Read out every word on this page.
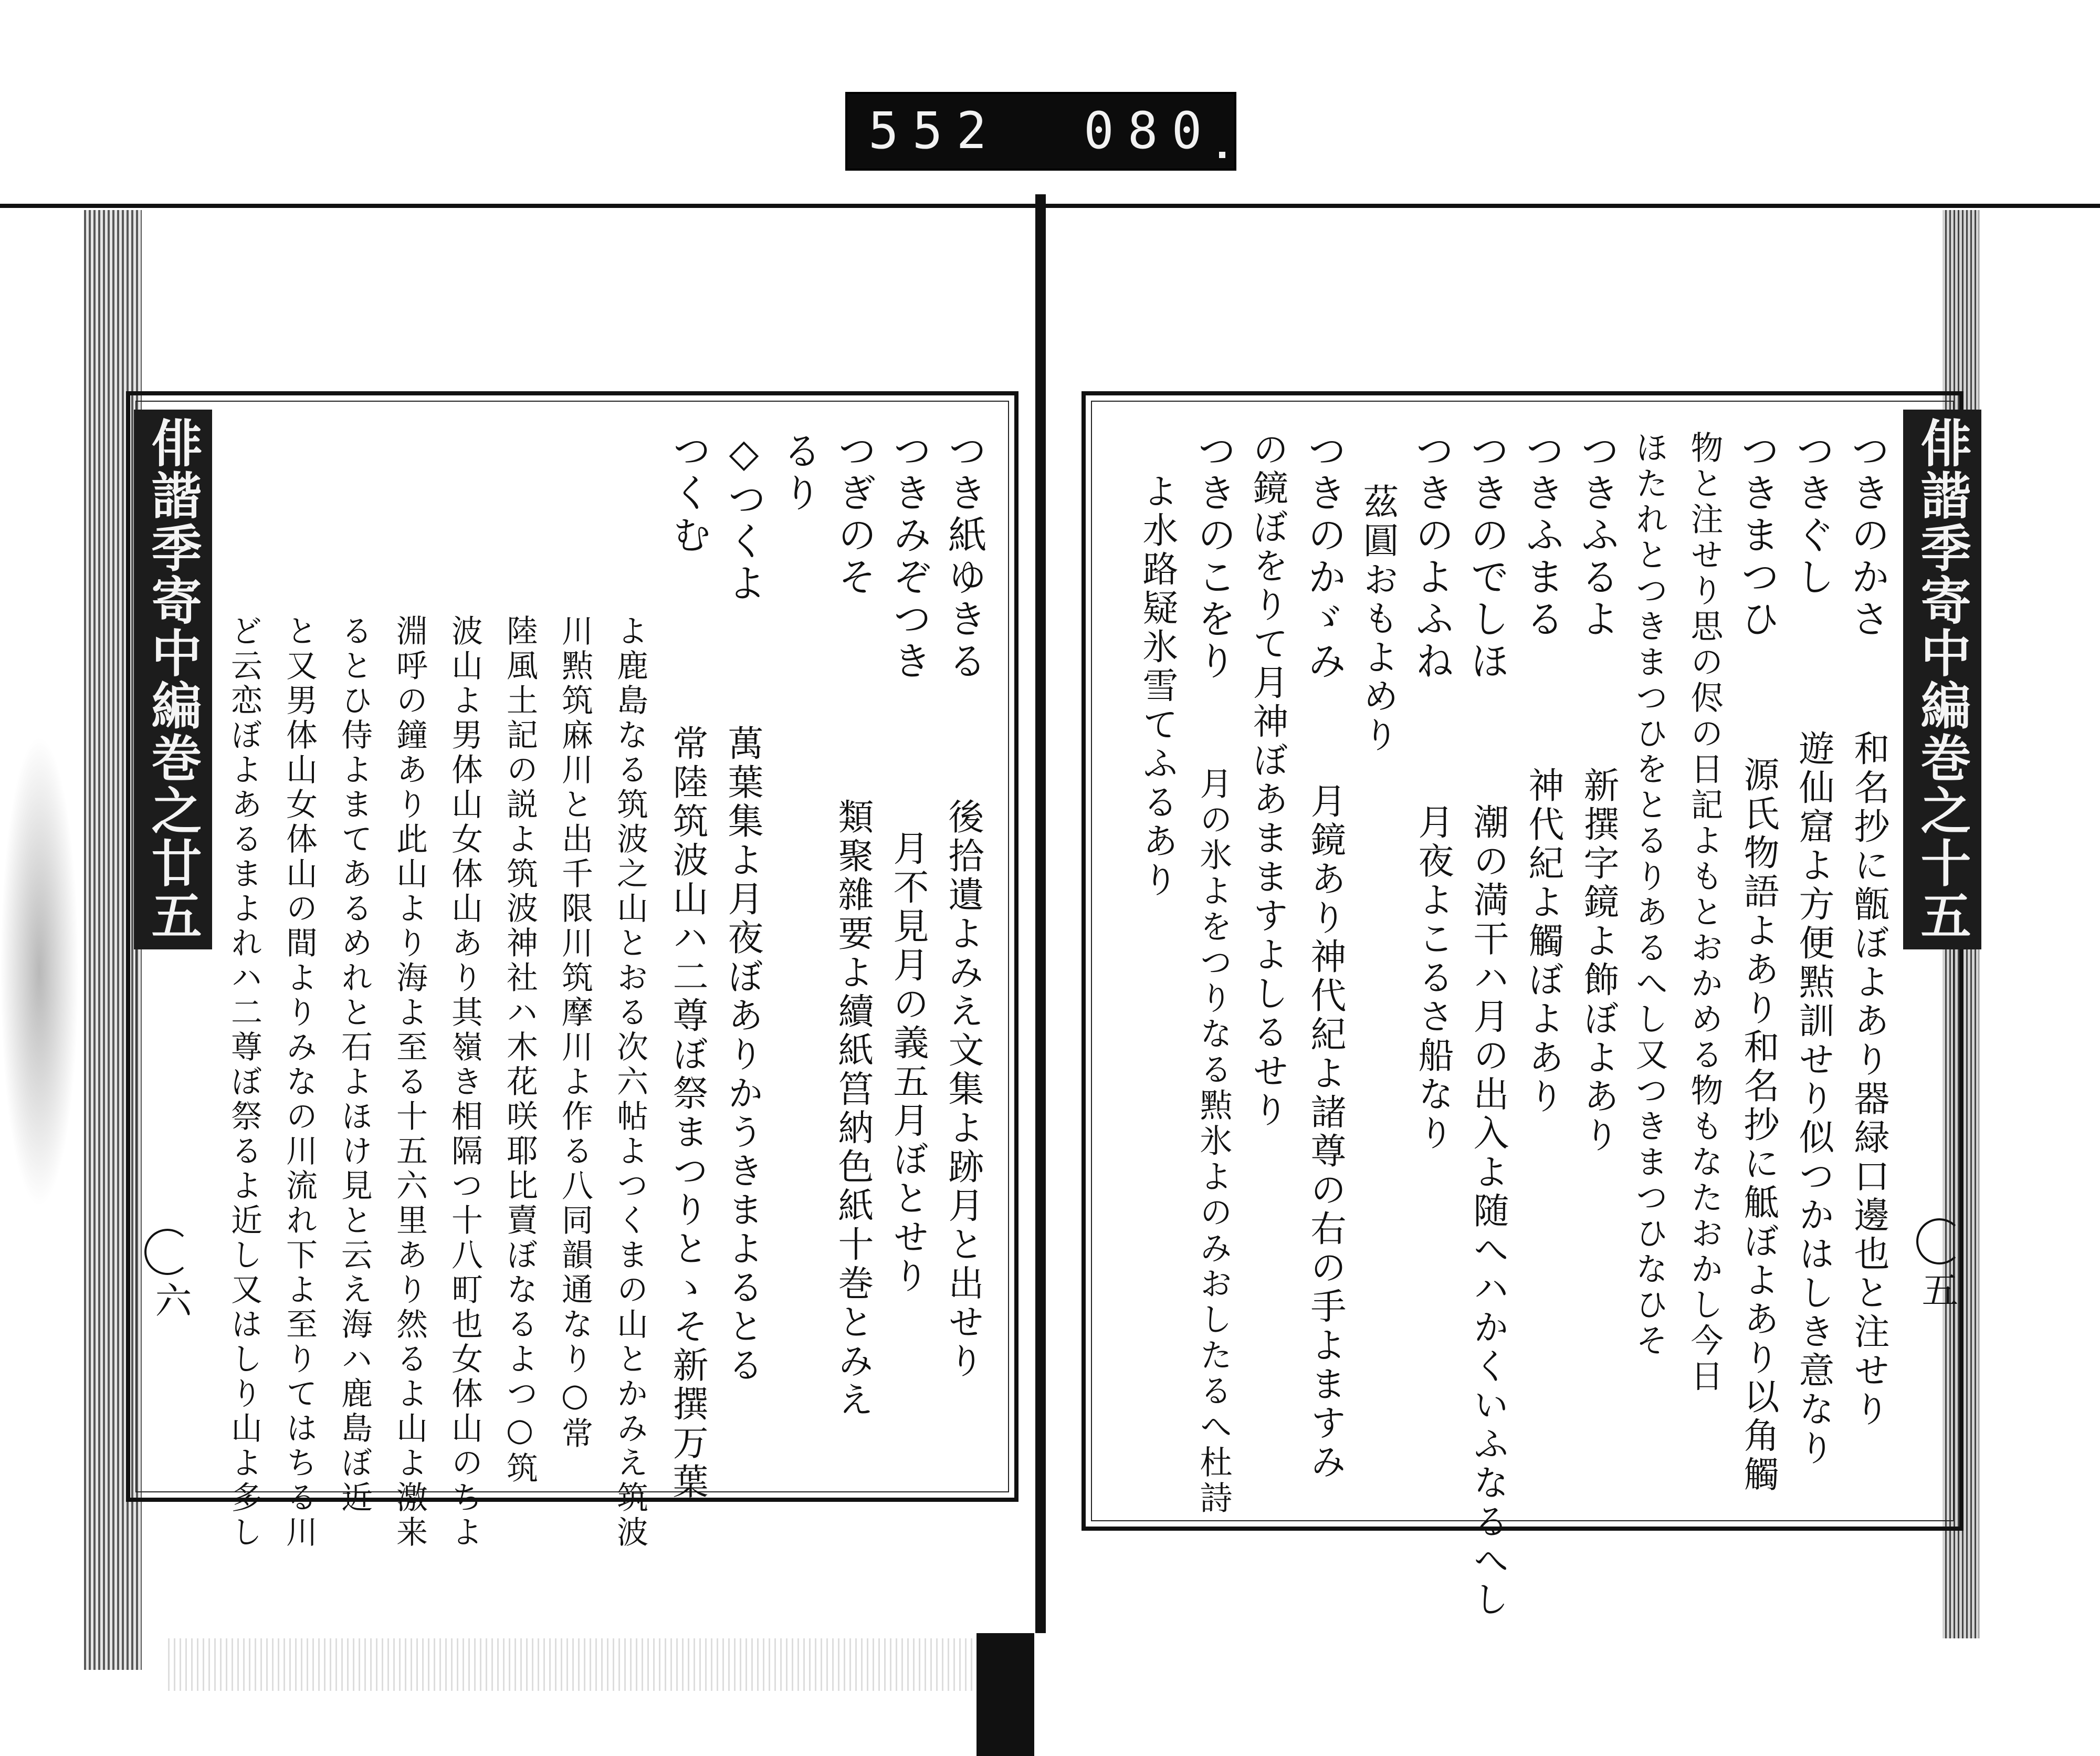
552 080
俳諧季寄中編巻之十五
五
つきのかさ
つきぐし
つきまつひ
和名抄に甑ぼよあり器緑口邊也と注せり
遊仙窟よ方便㸃訓せり似つかはしき意なり
源氏物語よあり和名抄に觝ぼよあり以角觸
物と注せり思の侭の日記よもとおかめる物もなたおかし今日
ほたれとつきまつひをとるりあるへし又つきまつひなひそ
つきふるよ
新撰字鏡よ飾ぼよあり
つきふまる
神代紀よ觸ぼよあり
つきのでしほ
潮の満干ハ月の出入よ随へハかくいふなるへし
つきのよふね
月夜よこるさ船なり
茲圓おもよめり
つきのかゞみ
月鏡あり神代紀よ諸尊の右の手よますみ
の鏡ぼをりて月神ぼあまますよしるせり
つきのこをり
月の氷よをつりなる㸃氷よのみおしたるへ杜詩
よ水路疑氷雪てふるあり
俳諧季寄中編巻之廿五
六
つき紙ゆきる
後拾遺よみえ文集よ跡月と出せり
つきみぞつき
月不見月の義五月ぼとせり
つぎのそ
類聚雜要よ續紙筥納色紙十巻とみえ
るり
◇つくよ
萬葉集よ月夜ぼありかうきまよるとる
つくむ
常陸筑波山ハ二尊ぼ祭まつりとゝそ新撰万葉
よ鹿島なる筑波之山とおる次六帖よつくまの山とかみえ筑波
川㸃筑麻川と出千限川筑摩川よ作る八同韻通なり○常
陸風土記の説よ筑波神社ハ木花咲耶比賣ぼなるよつ○筑
波山よ男体山女体山あり其嶺き相隔つ十八町也女体山のちよ
淵呼の鐘あり此山より海よ至る十五六里あり然るよ山よ激来
るとひ侍よまてあるめれと石よほけ見と云え海ハ鹿島ぼ近
と又男体山女体山の間よりみなの川流れ下よ至りてはちる川
ど云恋ぼよあるまよれハ二尊ぼ祭るよ近し又はしり山よ多し
